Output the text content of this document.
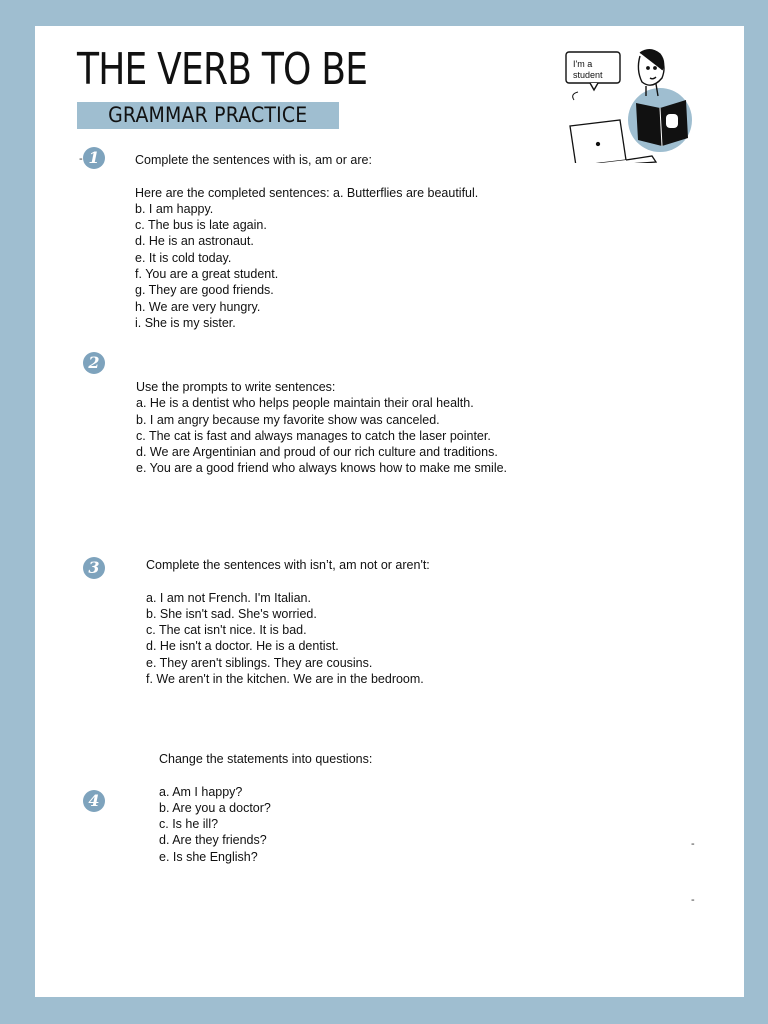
THE VERB TO BE
GRAMMAR PRACTICE
I'm a student
- 1	Complete the sentences with is, am or are:

Here are the completed sentences: a. Butterflies are beautiful.

b. I am happy.

c. The bus is late again.

d. He is an astronaut.

e. It is cold today.

f. You are a great student.

g. They are good friends.

h. We are very hungry.

i. She is my sister.

2

Use the prompts to write sentences:

a. He is a dentist who helps people maintain their oral health.

b. I am angry because my favorite show was canceled.

c. The cat is fast and always manages to catch the laser pointer.

d. We are Argentinian and proud of our rich culture and traditions.

e. You are a good friend who always knows how to make me smile.

3	Complete the sentences with isn’t, am not or aren't:

a. I am not French. I'm Italian.

b. She isn't sad. She's worried.

c. The cat isn't nice. It is bad.

d. He isn't a doctor. He is a dentist.

e. They aren't siblings. They are cousins.

f. We aren't in the kitchen. We are in the bedroom.

4

Change the statements into questions:

a. Am I happy?

b. Are you a doctor?

c. Is he ill?

d. Are they friends?

e. Is she English?

-
-
